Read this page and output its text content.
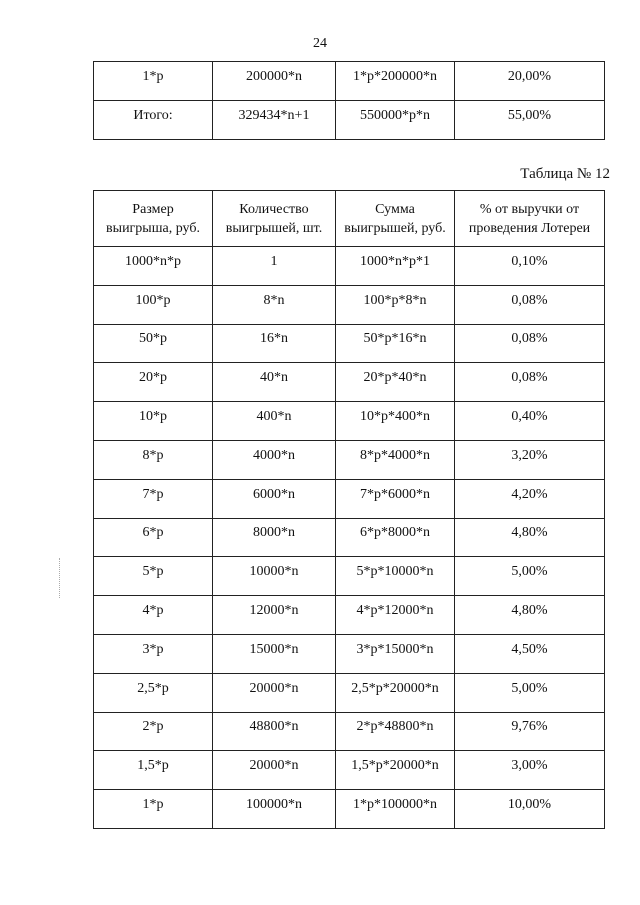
24
1*p	200000*n	1*p*200000*n	20,00%
Итого:	329434*n+1	550000*p*n	55,00%
Таблица № 12
Размер выигрыша, руб.	Количество выигрышей, шт.	Сумма выигрышей, руб.	% от выручки от проведения Лотереи
1000*n*p	1	1000*n*p*1	0,10%
100*p	8*n	100*p*8*n	0,08%
50*p	16*n	50*p*16*n	0,08%
20*p	40*n	20*p*40*n	0,08%
10*p	400*n	10*p*400*n	0,40%
8*p	4000*n	8*p*4000*n	3,20%
7*p	6000*n	7*p*6000*n	4,20%
6*p	8000*n	6*p*8000*n	4,80%
5*p	10000*n	5*p*10000*n	5,00%
4*p	12000*n	4*p*12000*n	4,80%
3*p	15000*n	3*p*15000*n	4,50%
2,5*p	20000*n	2,5*p*20000*n	5,00%
2*p	48800*n	2*p*48800*n	9,76%
1,5*p	20000*n	1,5*p*20000*n	3,00%
1*p	100000*n	1*p*100000*n	10,00%
